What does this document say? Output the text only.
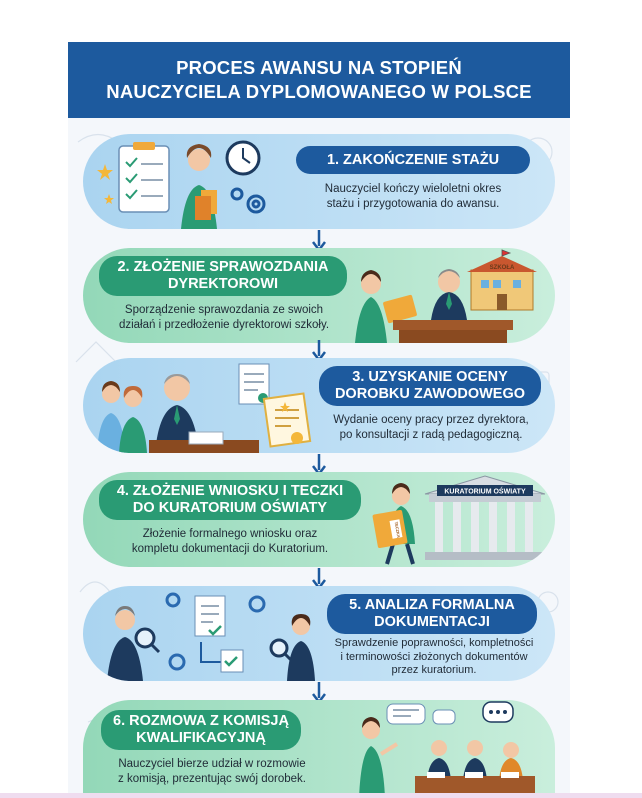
PROCES AWANSU NA STOPIEŃ
NAUCZYCIELA DYPLOMOWANEGO W POLSCE
1. ZAKOŃCZENIE STAŻU
Nauczyciel kończy wieloletni okres
stażu i przygotowania do awansu.
2. ZŁOŻENIE SPRAWOZDANIA
DYREKTOROWI
Sporządzenie sprawozdania ze swoich
działań i przedłożenie dyrektorowi szkoły.
SZKOŁA
3. UZYSKANIE OCENY
DOROBKU ZAWODOWEGO
Wydanie oceny pracy przez dyrektora,
po konsultacji z radą pedagogiczną.
4. ZŁOŻENIE WNIOSKU I TECZKI
DO KURATORIUM OŚWIATY
Złożenie formalnego wniosku oraz
kompletu dokumentacji do Kuratorium.
KURATORIUM OŚWIATY
TECZKA
5. ANALIZA FORMALNA
DOKUMENTACJI
Sprawdzenie poprawności, kompletności
i terminowości złożonych dokumentów
przez kuratorium.
6. ROZMOWA Z KOMISJĄ
KWALIFIKACYJNĄ
Nauczyciel bierze udział w rozmowie
z komisją, prezentując swój dorobek.
